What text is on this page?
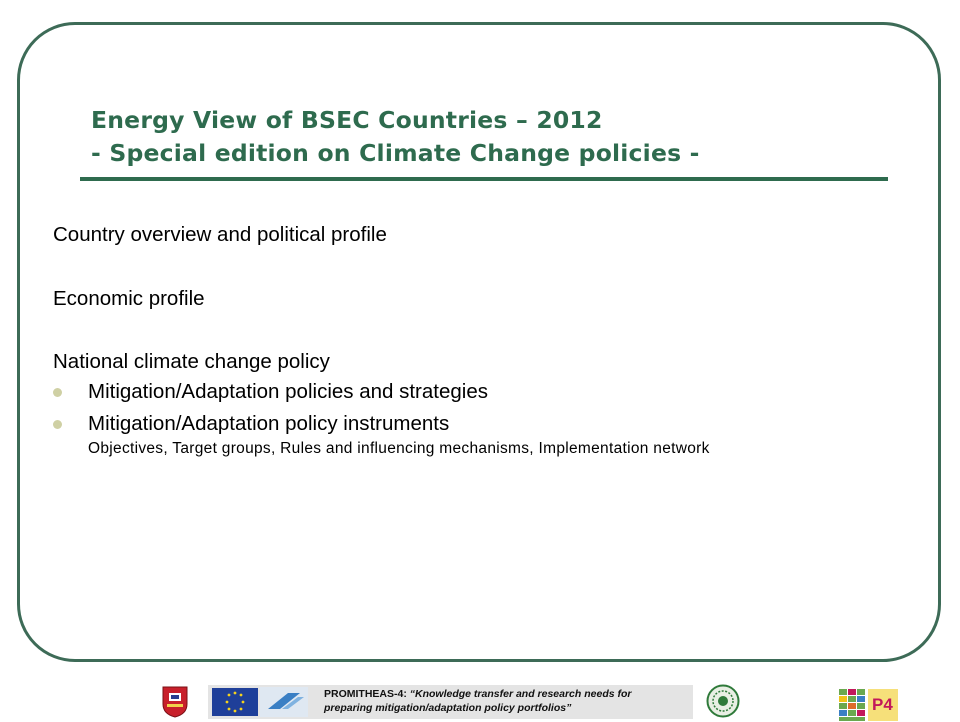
Energy View of BSEC Countries – 2012
- Special edition on Climate Change policies -
Country overview and political profile
Economic profile
National climate change policy
Mitigation/Adaptation policies and strategies
Mitigation/Adaptation policy instruments
Objectives, Target groups, Rules and influencing mechanisms, Implementation network
PROMITHEAS-4: “Knowledge transfer and research needs for
preparing mitigation/adaptation policy portfolios”	P4
